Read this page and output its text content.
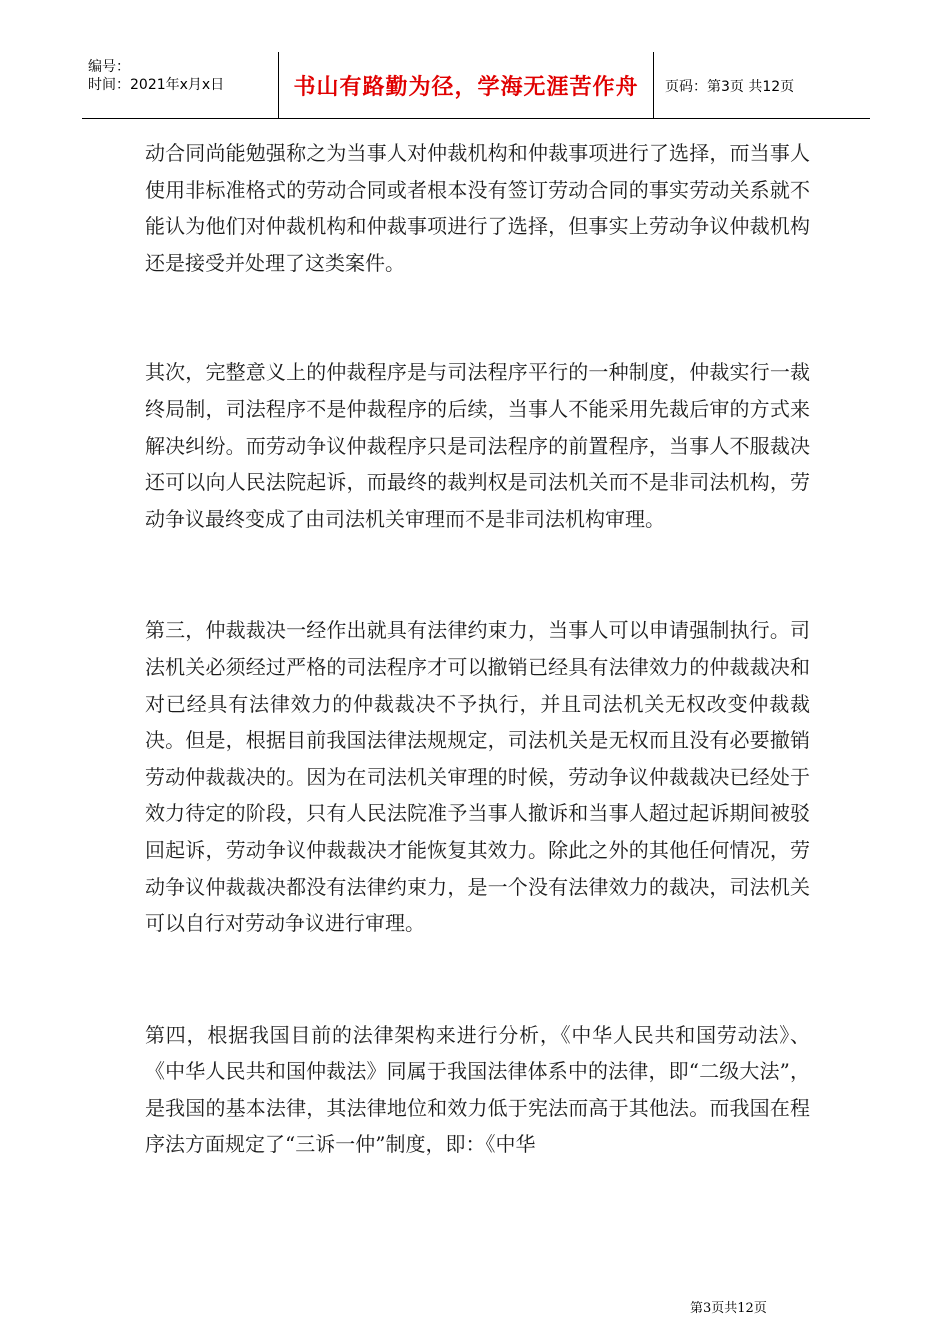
编号：
时间：2021年x月x日	书山有路勤为径，学海无涯苦作舟	页码：第3页 共12页

动合同尚能勉强称之为当事人对仲裁机构和仲裁事项进行了选择，而当事人使用非标准格式的劳动合同或者根本没有签订劳动合同的事实劳动关系就不能认为他们对仲裁机构和仲裁事项进行了选择，但事实上劳动争议仲裁机构还是接受并处理了这类案件。

其次，完整意义上的仲裁程序是与司法程序平行的一种制度，仲裁实行一裁终局制，司法程序不是仲裁程序的后续，当事人不能采用先裁后审的方式来解决纠纷。而劳动争议仲裁程序只是司法程序的前置程序，当事人不服裁决还可以向人民法院起诉，而最终的裁判权是司法机关而不是非司法机构，劳动争议最终变成了由司法机关审理而不是非司法机构审理。

第三，仲裁裁决一经作出就具有法律约束力，当事人可以申请强制执行。司法机关必须经过严格的司法程序才可以撤销已经具有法律效力的仲裁裁决和对已经具有法律效力的仲裁裁决不予执行，并且司法机关无权改变仲裁裁决。但是，根据目前我国法律法规规定，司法机关是无权而且没有必要撤销劳动仲裁裁决的。因为在司法机关审理的时候，劳动争议仲裁裁决已经处于效力待定的阶段，只有人民法院准予当事人撤诉和当事人超过起诉期间被驳回起诉，劳动争议仲裁裁决才能恢复其效力。除此之外的其他任何情况，劳动争议仲裁裁决都没有法律约束力，是一个没有法律效力的裁决，司法机关可以自行对劳动争议进行审理。

第四，根据我国目前的法律架构来进行分析，《中华人民共和国劳动法》、《中华人民共和国仲裁法》同属于我国法律体系中的法律，即“二级大法”，是我国的基本法律，其法律地位和效力低于宪法而高于其他法。而我国在程序法方面规定了“三诉一仲”制度，即：《中华

第3页共12页
